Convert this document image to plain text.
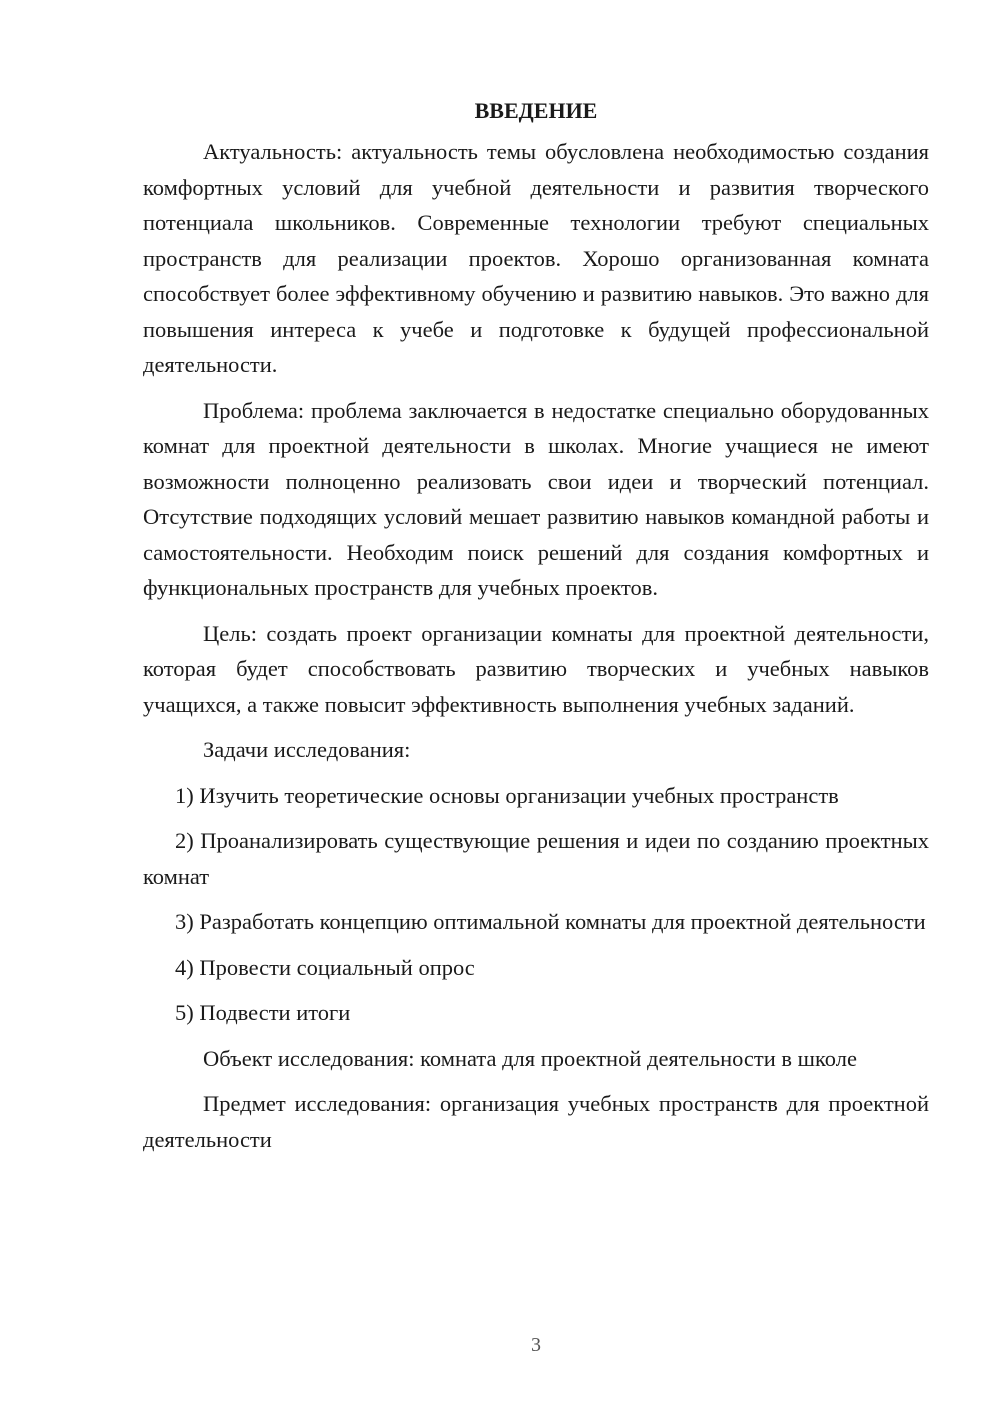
ВВЕДЕНИЕ

Актуальность: актуальность темы обусловлена необходимостью создания комфортных условий для учебной деятельности и развития творческого потенциала школьников. Современные технологии требуют специальных пространств для реализации проектов. Хорошо организованная комната способствует более эффективному обучению и развитию навыков. Это важно для повышения интереса к учебе и подготовке к будущей профессиональной деятельности.

Проблема: проблема заключается в недостатке специально оборудованных комнат для проектной деятельности в школах. Многие учащиеся не имеют возможности полноценно реализовать свои идеи и творческий потенциал. Отсутствие подходящих условий мешает развитию навыков командной работы и самостоятельности. Необходим поиск решений для создания комфортных и функциональных пространств для учебных проектов.

Цель: создать проект организации комнаты для проектной деятельности, которая будет способствовать развитию творческих и учебных навыков учащихся, а также повысит эффективность выполнения учебных заданий.

Задачи исследования:

1) Изучить теоретические основы организации учебных пространств

2) Проанализировать существующие решения и идеи по созданию проектных комнат

3) Разработать концепцию оптимальной комнаты для проектной деятельности

4) Провести социальный опрос

5) Подвести итоги

Объект исследования: комната для проектной деятельности в школе

Предмет исследования: организация учебных пространств для проектной деятельности

3
